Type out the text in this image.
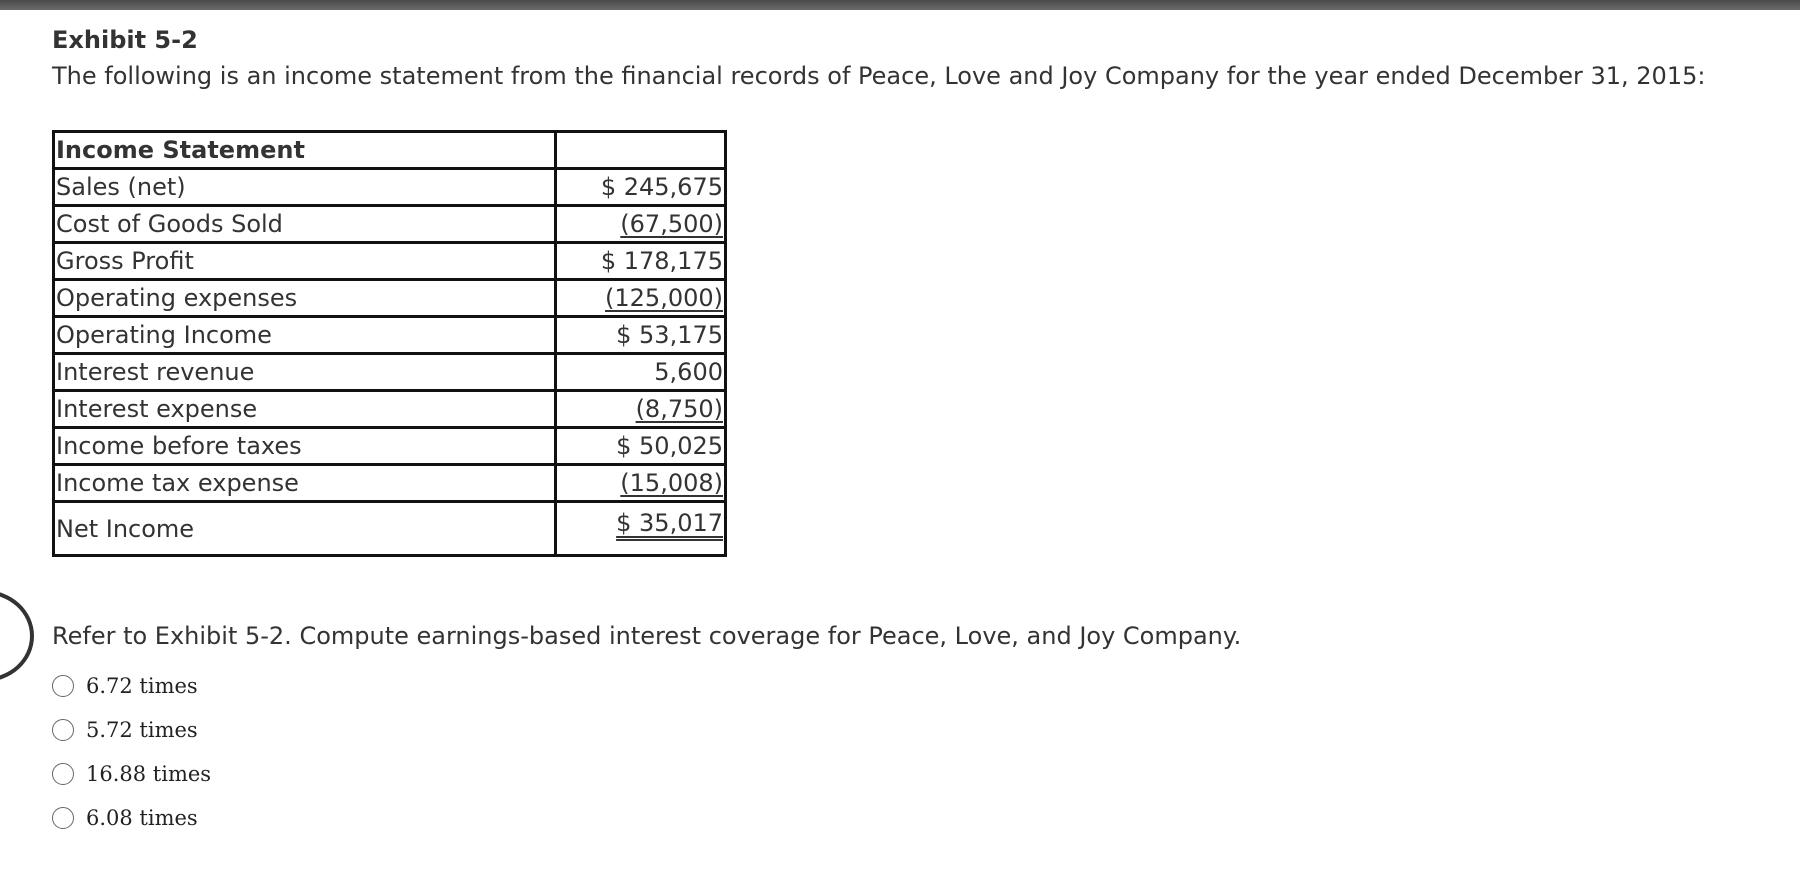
Exhibit 5-2
The following is an income statement from the financial records of Peace, Love and Joy Company for the year ended December 31, 2015:
Income Statement	
Sales (net)	$ 245,675
Cost of Goods Sold	(67,500)
Gross Profit	$ 178,175
Operating expenses	(125,000)
Operating Income	$ 53,175
Interest revenue	5,600
Interest expense	(8,750)
Income before taxes	$ 50,025
Income tax expense	(15,008)
Net Income	$ 35,017
Refer to Exhibit 5-2. Compute earnings-based interest coverage for Peace, Love, and Joy Company.
6.72 times
5.72 times
16.88 times
6.08 times
